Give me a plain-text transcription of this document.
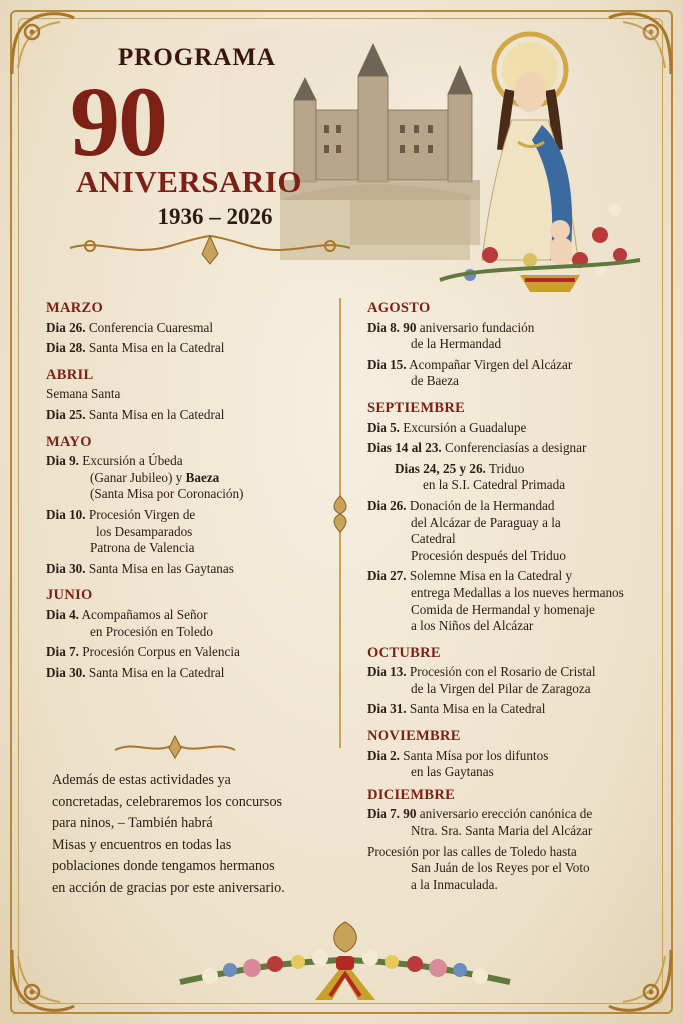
PROGRAMA
90
ANIVERSARIO
1936 – 2026
MARZO
Dia 26. Conferencia Cuaresmal
Dia 28. Santa Misa en la Catedral
ABRIL
Semana Santa
Dia 25. Santa Misa en la Catedral
MAYO
Dia 9. Excursión a Úbeda
(Ganar Jubileo) y Baeza
(Santa Misa por Coronación)
Dia 10. Procesión Virgen de
los Desamparados
Patrona de Valencia
Dia 30. Santa Misa en las Gaytanas
JUNIO
Dia 4. Acompañamos al Señor
en Procesión en Toledo
Dia 7. Procesión Corpus en Valencia
Dia 30. Santa Misa en la Catedral
Además de estas actividades ya
concretadas, celebraremos los concursos
para ninos, – También habrá
Misas y encuentros en todas las
poblaciones donde tengamos hermanos
en acción de gracias por este aniversario.
AGOSTO
Dia 8. 90 aniversario fundación
de la Hermandad
Dia 15. Acompañar Virgen del Alcázar
de Baeza
SEPTIEMBRE
Dia 5. Excursión a Guadalupe
Dias 14 al 23. Conferenciasías a designar
Dias 24, 25 y 26. Triduo
en la S.I. Catedral Primada
Dia 26. Donación de la Hermandad
del Alcázar de Paraguay a la
Catedral
Procesión después del Triduo
Dia 27. Solemne Misa en la Catedral y
entrega Medallas a los nueves hermanos
Comida de Hermandal y homenaje
a los Niños del Alcázar
OCTUBRE
Dia 13. Procesión con el Rosario de Cristal
de la Virgen del Pilar de Zaragoza
Dia 31. Santa Misa en la Catedral
NOVIEMBRE
Dia 2. Santa Mísa por los difuntos
en las Gaytanas
DICIEMBRE
Dia 7. 90 aniversario erección canónica de
Ntra. Sra. Santa Maria del Alcázar
Procesión por las calles de Toledo hasta
San Juán de los Reyes por el Voto
a la Inmaculada.
